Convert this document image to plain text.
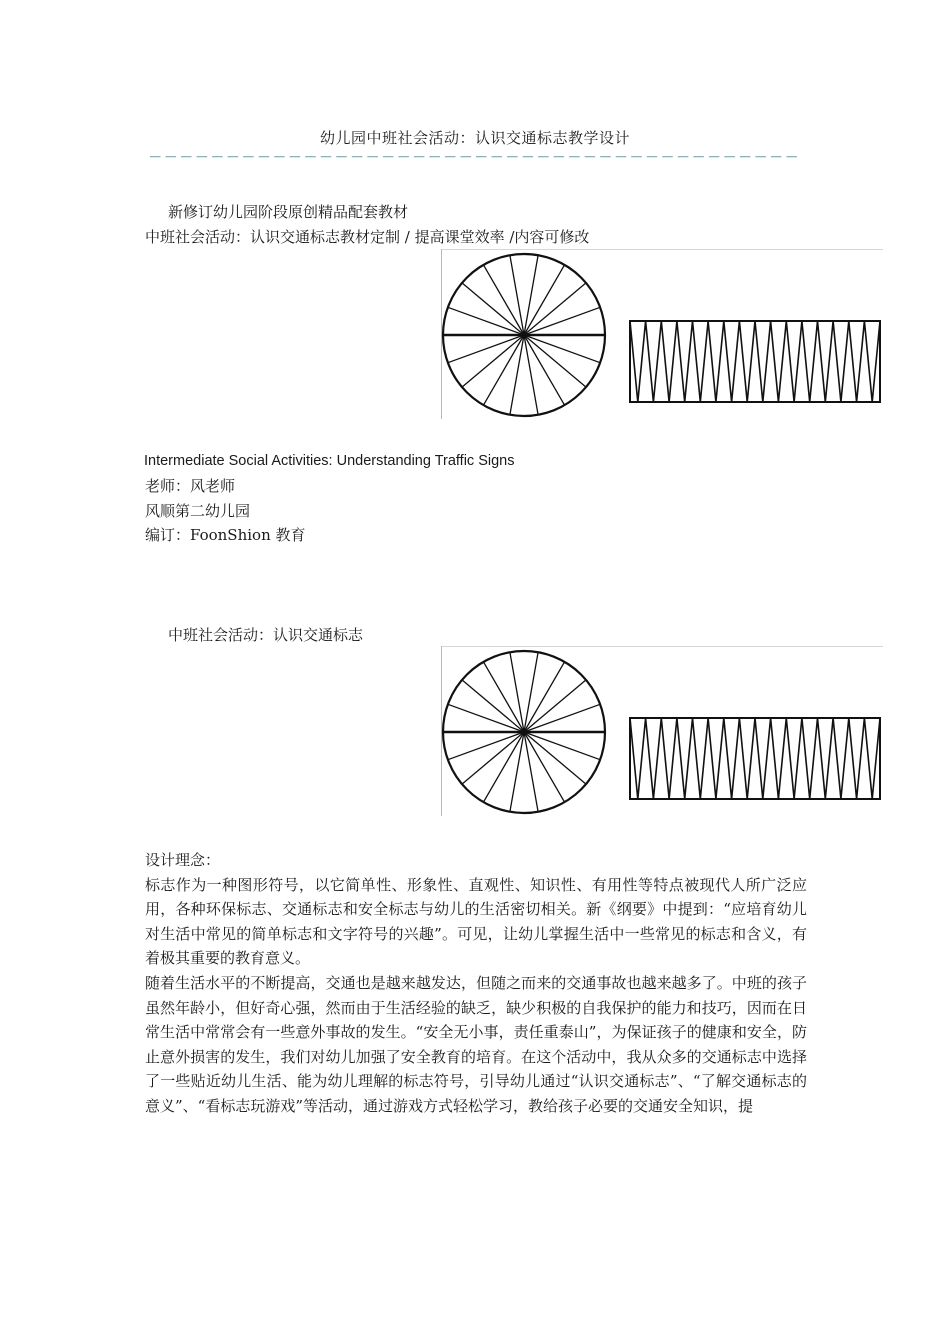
幼儿园中班社会活动：认识交通标志教学设计
新修订幼儿园阶段原创精品配套教材
中班社会活动：认识交通标志教材定制 / 提高课堂效率 /内容可修改
Intermediate Social Activities: Understanding Traffic Signs
老师：风老师
风顺第二幼儿园
编订：FoonShion 教育
中班社会活动：认识交通标志

设计理念：

标志作为一种图形符号，以它简单性、形象性、直观性、知识性、有用性等特点被现代人所广泛应用，各种环保标志、交通标志和安全标志与幼儿的生活密切相关。新《纲要》中提到：“应培育幼儿对生活中常见的简单标志和文字符号的兴趣”。可见，让幼儿掌握生活中一些常见的标志和含义，有着极其重要的教育意义。

随着生活水平的不断提高，交通也是越来越发达，但随之而来的交通事故也越来越多了。中班的孩子虽然年龄小，但好奇心强，然而由于生活经验的缺乏，缺少积极的自我保护的能力和技巧，因而在日常生活中常常会有一些意外事故的发生。“安全无小事，责任重泰山”，为保证孩子的健康和安全，防止意外损害的发生，我们对幼儿加强了安全教育的培育。在这个活动中，我从众多的交通标志中选择了一些贴近幼儿生活、能为幼儿理解的标志符号，引导幼儿通过“认识交通标志”、“了解交通标志的意义”、“看标志玩游戏”等活动，通过游戏方式轻松学习，教给孩子必要的交通安全知识，提
